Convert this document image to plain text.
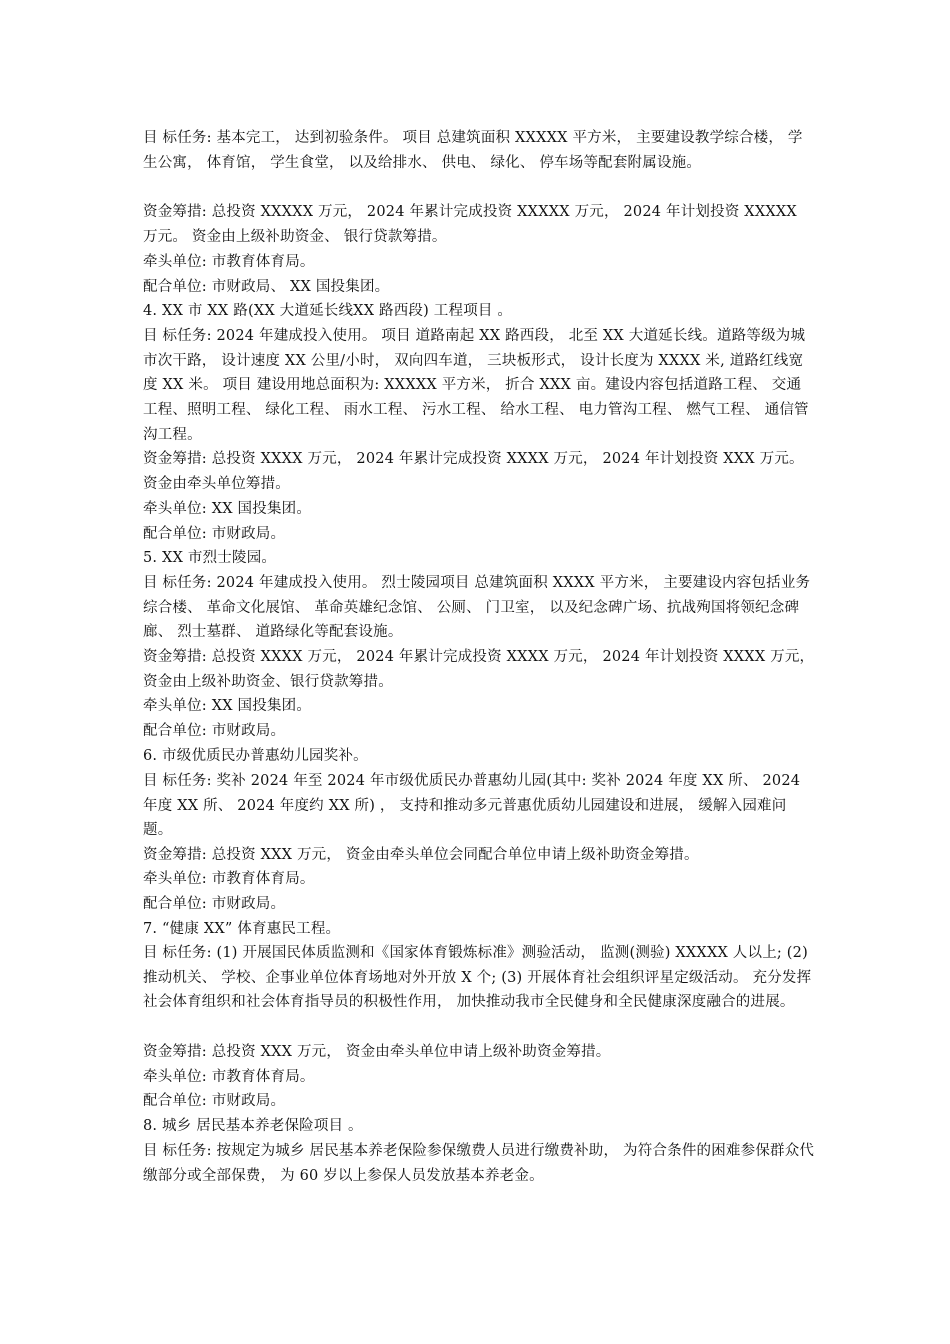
目 标任务: 基本完工， 达到初验条件。 项目 总建筑面积 XXXXX 平方米， 主要建设教学综合楼， 学生公寓， 体育馆， 学生食堂， 以及给排水、 供电、 绿化、 停车场等配套附属设施。

资金筹措: 总投资 XXXXX 万元， 2024 年累计完成投资 XXXXX 万元， 2024 年计划投资 XXXXX 万元。 资金由上级补助资金、 银行贷款筹措。

牵头单位: 市教育体育局。

配合单位: 市财政局、 XX 国投集团。

4. XX 市 XX 路(XX 大道延长线XX 路西段) 工程项目 。

目 标任务: 2024 年建成投入使用。 项目 道路南起 XX 路西段， 北至 XX 大道延长线。道路等级为城市次干路， 设计速度 XX 公里/小时， 双向四车道， 三块板形式， 设计长度为 XXXX 米, 道路红线宽度 XX 米。 项目 建设用地总面积为: XXXXX 平方米， 折合 XXX 亩。建设内容包括道路工程、 交通工程、照明工程、 绿化工程、 雨水工程、 污水工程、 给水工程、 电力管沟工程、 燃气工程、 通信管沟工程。

资金筹措: 总投资 XXXX 万元， 2024 年累计完成投资 XXXX 万元， 2024 年计划投资 XXX 万元。 资金由牵头单位筹措。

牵头单位: XX 国投集团。

配合单位: 市财政局。

5. XX 市烈士陵园。

目 标任务: 2024 年建成投入使用。 烈士陵园项目 总建筑面积 XXXX 平方米， 主要建设内容包括业务综合楼、 革命文化展馆、 革命英雄纪念馆、 公厕、 门卫室， 以及纪念碑广场、抗战殉国将领纪念碑廊、 烈士墓群、 道路绿化等配套设施。

资金筹措: 总投资 XXXX 万元， 2024 年累计完成投资 XXXX 万元， 2024 年计划投资 XXXX 万元， 资金由上级补助资金、银行贷款筹措。

牵头单位: XX 国投集团。

配合单位: 市财政局。

6. 市级优质民办普惠幼儿园奖补。

目 标任务: 奖补 2024 年至 2024 年市级优质民办普惠幼儿园(其中: 奖补 2024 年度 XX 所、 2024 年度 XX 所、 2024 年度约 XX 所) ， 支持和推动多元普惠优质幼儿园建设和进展， 缓解入园难问题。

资金筹措: 总投资 XXX 万元， 资金由牵头单位会同配合单位申请上级补助资金筹措。

牵头单位: 市教育体育局。

配合单位: 市财政局。

7. “健康 XX” 体育惠民工程。

目 标任务: (1) 开展国民体质监测和《国家体育锻炼标准》测验活动， 监测(测验) XXXXX 人以上; (2) 推动机关、 学校、企事业单位体育场地对外开放 X 个; (3) 开展体育社会组织评星定级活动。 充分发挥社会体育组织和社会体育指导员的积极性作用， 加快推动我市全民健身和全民健康深度融合的进展。

资金筹措: 总投资 XXX 万元， 资金由牵头单位申请上级补助资金筹措。

牵头单位: 市教育体育局。

配合单位: 市财政局。

8. 城乡 居民基本养老保险项目 。

目 标任务: 按规定为城乡 居民基本养老保险参保缴费人员进行缴费补助， 为符合条件的困难参保群众代缴部分或全部保费， 为 60 岁以上参保人员发放基本养老金。
